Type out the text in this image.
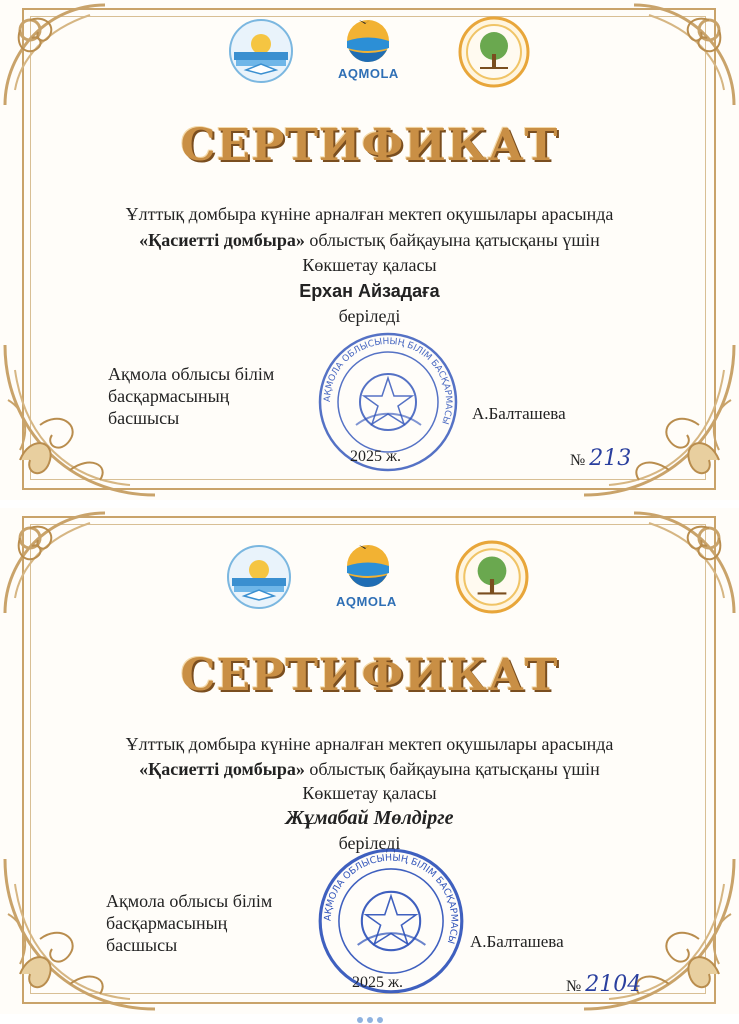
AQMOLA
СЕРТИФИКАТ
Ұлттық домбыра күніне арналған мектеп оқушылары арасында
«Қасиетті домбыра» облыстық байқауына қатысқаны үшін
Көкшетау қаласы
Ерхан Айзадаға
беріледі
Ақмола облысы білім
басқармасының
басшысы
АҚМОЛА ОБЛЫСЫНЫҢ БІЛІМ БАСҚАРМАСЫ А.Балташева
2025 ж.	№ 213
AQMOLA
СЕРТИФИКАТ
Ұлттық домбыра күніне арналған мектеп оқушылары арасында
«Қасиетті домбыра» облыстық байқауына қатысқаны үшін
Көкшетау қаласы
Жұмабай Мөлдірге
беріледі
Ақмола облысы білім
басқармасының
басшысы
АҚМОЛА ОБЛЫСЫНЫҢ БІЛІМ БАСҚАРМАСЫ А.Балташева
2025 ж.	№ 2104
